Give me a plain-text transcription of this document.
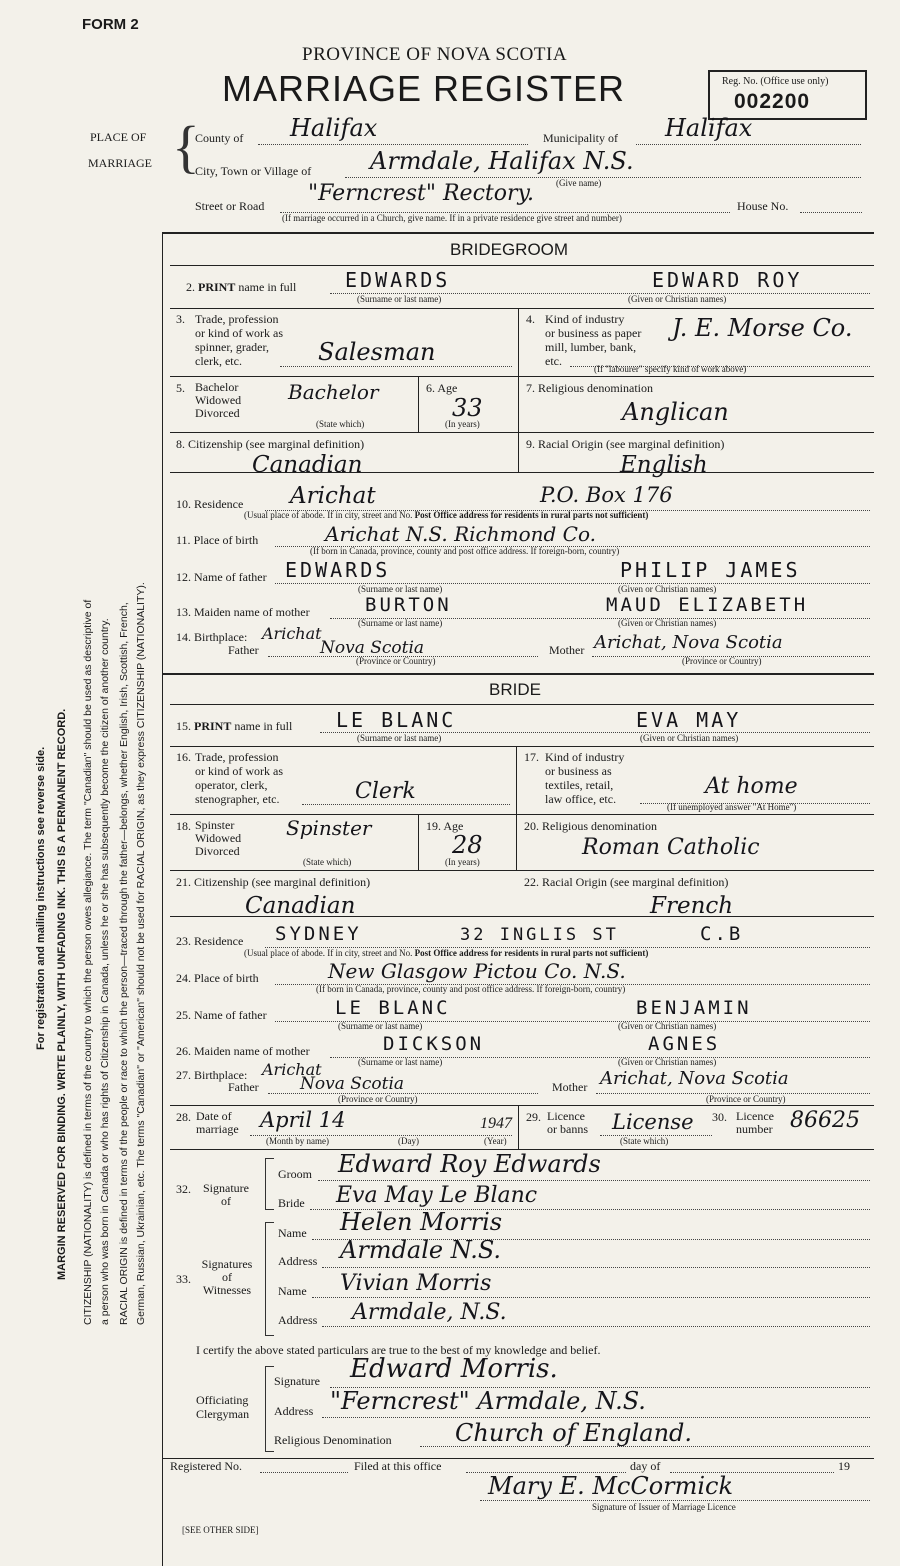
FORM 2
PROVINCE OF NOVA SCOTIA
MARRIAGE REGISTER	Reg. No. (Office use only)
002200
For registration and mailing instructions see reverse side. MARGIN RESERVED FOR BINDING. WRITE PLAINLY, WITH UNFADING INK. THIS IS A PERMANENT RECORD. CITIZENSHIP (NATIONALITY) is defined in terms of the country to which the person owes allegiance. The term "Canadian" should be used as descriptive of a person who was born in Canada or who has rights of Citizenship in Canada, unless he or she has subsequently become the citizen of another country. RACIAL ORIGIN is defined in terms of the people or race to which the person—traced through the father—belongs, whether English, Irish, Scottish, French, German, Russian, Ukrainian, etc. The terms "Canadian" or "American" should not be used for RACIAL ORIGIN, as they express CITIZENSHIP (NATIONALITY).
PLACE OF
MARRIAGE {
County of Halifax	Municipality of Halifax
City, Town or Village of Armdale, Halifax N.S.
(Give name)
Street or Road "Ferncrest" Rectory.	House No.
(If marriage occurred in a Church, give name. If in a private residence give street and number)
BRIDEGROOM
2. PRINT name in full EDWARDS	EDWARD ROY
(Surname or last name)	(Given or Christian names)
3. Trade, profession
or kind of work as
spinner, grader,
clerk, etc.	Salesman
4. Kind of industry
or business as paper
mill, lumber, bank,
etc.
J. E. Morse Co.
(If "labourer" specify kind of work above)
5. Bachelor
Widowed
Divorced
Bachelor
(State which)
6. Age
33
(In years)
7. Religious denomination
Anglican
8. Citizenship (see marginal definition)
Canadian
9. Racial Origin (see marginal definition)
English
10. Residence Arichat	P.O. Box 176
(Usual place of abode. If in city, street and No. Post Office address for residents in rural parts not sufficient)
11. Place of birth	Arichat N.S. Richmond Co.
(If born in Canada, province, county and post office address. If foreign-born, country)
12. Name of father EDWARDS	PHILIP JAMES
(Surname or last name)	(Given or Christian names)
13. Maiden name of mother	BURTON	MAUD ELIZABETH
(Surname or last name)	(Given or Christian names)
14. Birthplace:
Father
Arichat
Nova Scotia	Mother Arichat, Nova Scotia
(Province or Country)	(Province or Country)
BRIDE
15. PRINT name in full LE BLANC	EVA MAY
(Surname or last name)	(Given or Christian names)
16. Trade, profession
or kind of work as
operator, clerk,
stenographer, etc.	Clerk
17. Kind of industry
or business as
textiles, retail,
law office, etc.	At home
(If unemployed answer "At Home")
18. Spinster
Widowed
Divorced
Spinster
(State which)
19. Age
28
(In years)
20. Religious denomination
Roman Catholic
21. Citizenship (see marginal definition)
Canadian
22. Racial Origin (see marginal definition)
French
23. Residence SYDNEY	32 INGLIS ST	C.B
(Usual place of abode. If in city, street and No. Post Office address for residents in rural parts not sufficient)
24. Place of birth	New Glasgow Pictou Co. N.S.
(If born in Canada, province, county and post office address. If foreign-born, country)
25. Name of father	LE BLANC	BENJAMIN
(Surname or last name)	(Given or Christian names)
26. Maiden name of mother	DICKSON	AGNES
(Surname or last name)	(Given or Christian names)
27. Birthplace:
Father
Arichat
Nova Scotia	Mother Arichat, Nova Scotia
(Province or Country)	(Province or Country)
28. Date of
marriage April 14	1947
(Month by name)	(Day)	(Year)
29. Licence
or banns License
(State which)
30. Licence
number 86625
32.	Signature
of
Groom Edward Roy Edwards
Bride Eva May Le Blanc
33.
Signatures
of
Witnesses
Name Helen Morris
Address Armdale N.S.
Name Vivian Morris
Address Armdale, N.S.
I certify the above stated particulars are true to the best of my knowledge and belief.
Officiating
Clergyman
Signature Edward Morris.
Address "Ferncrest" Armdale, N.S.
Religious Denomination	Church of England.
Registered No.	Filed at this office	day of	19
Mary E. McCormick
Signature of Issuer of Marriage Licence
[SEE OTHER SIDE]
